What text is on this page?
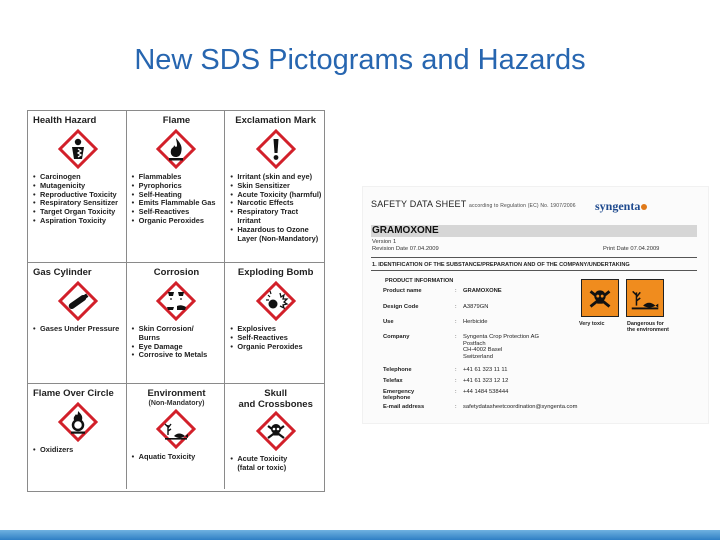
New SDS Pictograms and Hazards
Health Hazard
• Carcinogen
• Mutagenicity
• Reproductive Toxicity
• Respiratory Sensitizer
• Target Organ Toxicity
• Aspiration Toxicity
Flame
• Flammables
• Pyrophorics
• Self-Heating
• Emits Flammable Gas
• Self-Reactives
• Organic Peroxides
Exclamation Mark
• Irritant (skin and eye)
• Skin Sensitizer
• Acute Toxicity (harmful)
• Narcotic Effects
• Respiratory Tract
Irritant
• Hazardous to Ozone
Layer (Non-Mandatory)
Gas Cylinder
• Gases Under Pressure
Corrosion
• Skin Corrosion/
Burns
• Eye Damage
• Corrosive to Metals
Exploding Bomb
• Explosives
• Self-Reactives
• Organic Peroxides
Flame Over Circle
• Oxidizers
Environment
(Non-Mandatory)
• Aquatic Toxicity
Skull
and Crossbones
• Acute Toxicity
(fatal or toxic)
SAFETY DATA SHEET according to Regulation (EC) No. 1907/2006 syngenta
GRAMOXONE
Version 1
Revision Date 07.04.2009	Print Date 07.04.2009
1. IDENTIFICATION OF THE SUBSTANCE/PREPARATION AND OF THE COMPANY/UNDERTAKING
PRODUCT INFORMATION
Product name	: GRAMOXONE
Design Code	: A3879GN
Use	: Herbicide
Company	: Syngenta Crop Protection AG
Postfach
CH-4002 Basel
Switzerland
Telephone	: +41 61 323 11 11
Telefax	: +41 61 323 12 12
Emergency
telephone
: +44 1484 538444
E-mail address	: safetydatasheetcoordination@syngenta.com
Very toxic	Dangerous for
the environment
